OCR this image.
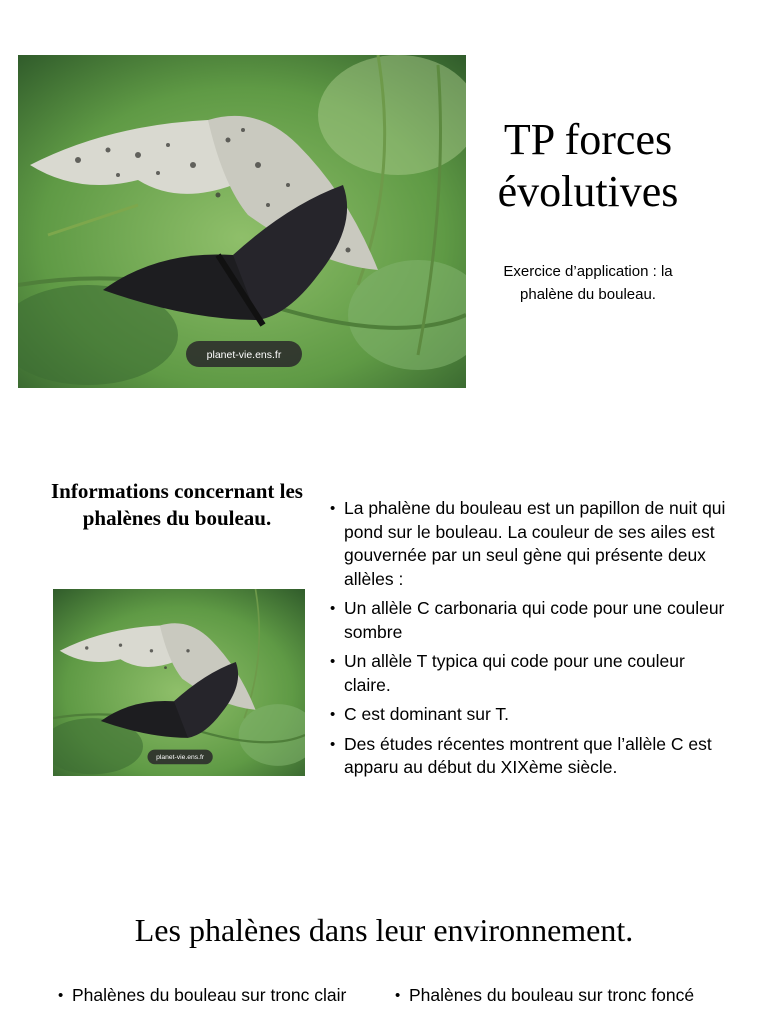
planet-vie.ens.fr
TP forces évolutives

Exercice d’application : la phalène du bouleau.

Informations concernant les phalènes du bouleau.
planet-vie.ens.fr
• La phalène du bouleau est un papillon de nuit qui pond sur le bouleau. La couleur de ses ailes est gouvernée par un seul gène qui présente deux allèles :
• Un allèle C carbonaria qui code pour une couleur sombre
• Un allèle T typica qui code pour une couleur claire.
• C est dominant sur T.
• Des études récentes montrent que l’allèle C est apparu au début du XIXème siècle.
Les phalènes dans leur environnement.
• Phalènes du bouleau sur tronc clair
•	Phalènes du bouleau sur tronc foncé
